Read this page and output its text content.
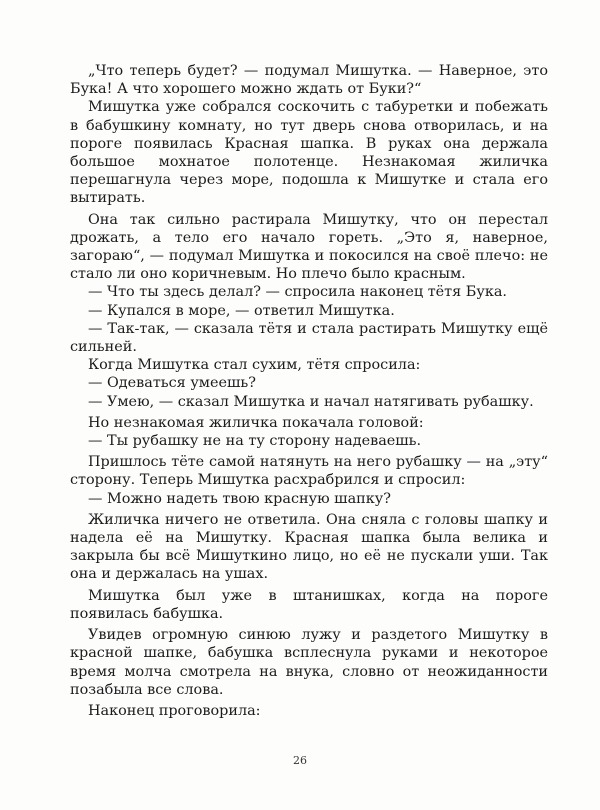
„Что теперь будет? — подумал Мишутка. — Наверное, это Бука! А что хорошего можно ждать от Буки?“

Мишутка уже собрался соскочить с табуретки и побежать в бабушкину комнату, но тут дверь снова отворилась, и на пороге появилась Красная шапка. В руках она держала большое мохнатое полотенце. Незнакомая жиличка перешагнула через море, подошла к Мишутке и стала его вытирать.

Она так сильно растирала Мишутку, что он перестал дрожать, а тело его начало гореть. „Это я, наверное, загораю“, — подумал Мишутка и покосился на своё плечо: не стало ли оно коричневым. Но плечо было красным.

— Что ты здесь делал? — спросила наконец тётя Бука.

— Купался в море, — ответил Мишутка.

— Так-так, — сказала тётя и стала растирать Мишутку ещё сильней.

Когда Мишутка стал сухим, тётя спросила:

— Одеваться умеешь?

— Умею, — сказал Мишутка и начал натягивать рубашку.

Но незнакомая жиличка покачала головой:

— Ты рубашку не на ту сторону надеваешь.

Пришлось тёте самой натянуть на него рубашку — на „эту“ сторону. Теперь Мишутка расхрабрился и спросил:

— Можно надеть твою красную шапку?

Жиличка ничего не ответила. Она сняла с головы шапку и надела её на Мишутку. Красная шапка была велика и закрыла бы всё Мишуткино лицо, но её не пускали уши. Так она и держалась на ушах.

Мишутка был уже в штанишках, когда на пороге появилась бабушка.

Увидев огромную синюю лужу и раздетого Мишутку в красной шапке, бабушка всплеснула руками и некоторое время молча смотрела на внука, словно от неожиданности позабыла все слова.

Наконец проговорила:

26
